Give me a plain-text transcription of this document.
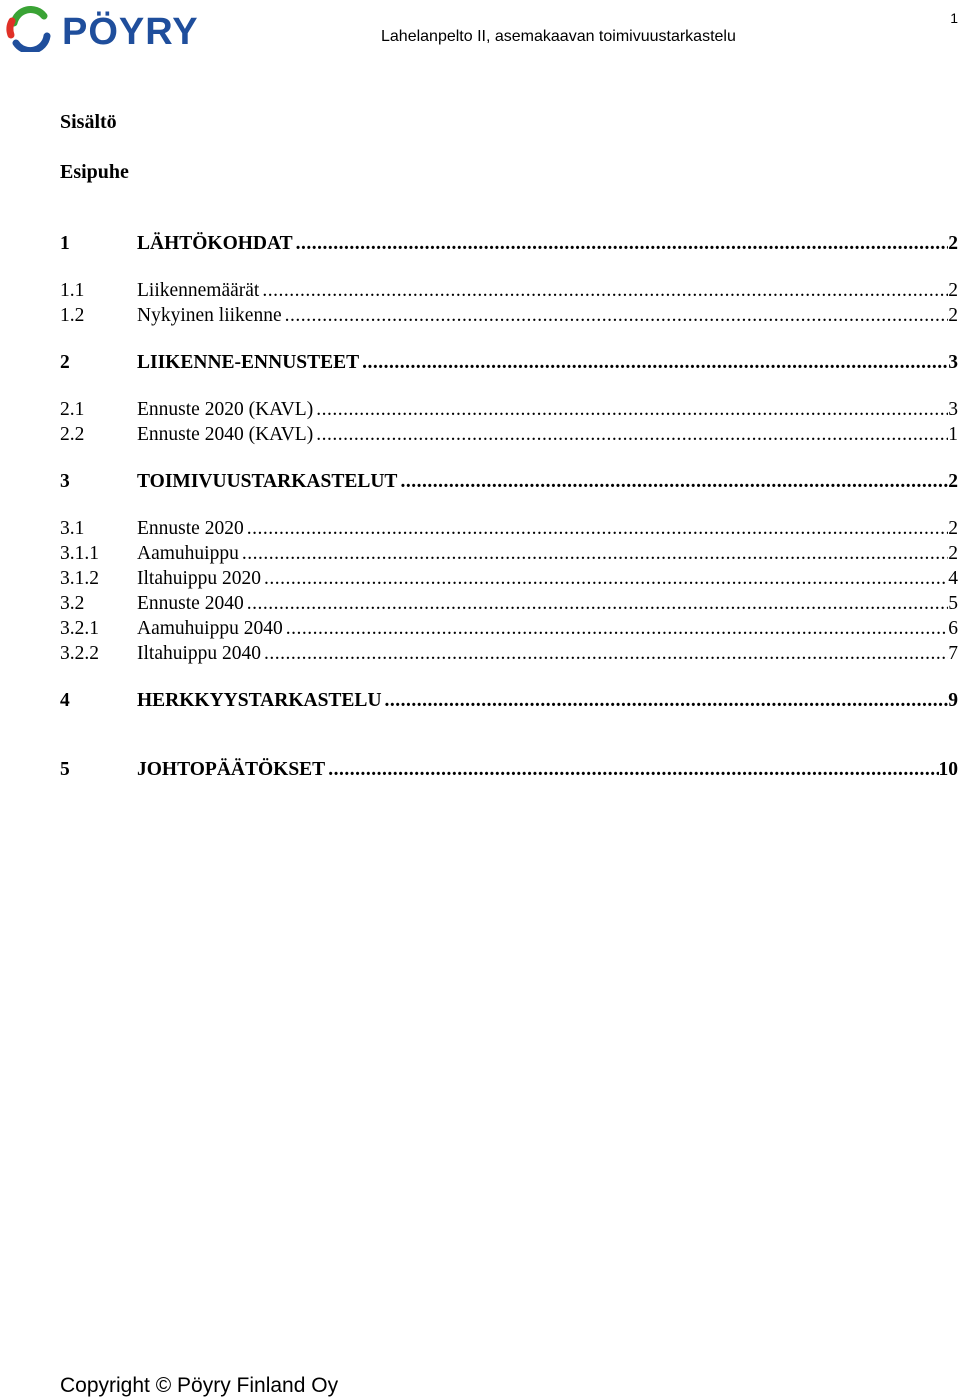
PÖYRY	Lahelanpelto II, asemakaavan toimivuustarkastelu
1
Sisältö
Esipuhe
1	LÄHTÖKOHDAT .....	2
1.1	Liikennemäärät .....	2
1.2	Nykyinen liikenne .....	2
2	LIIKENNE-ENNUSTEET .....	3
2.1	Ennuste 2020 (KAVL) .....	3
2.2	Ennuste 2040 (KAVL) .....	1
3	TOIMIVUUSTARKASTELUT .....	2
3.1	Ennuste 2020 .....	2
3.1.1	Aamuhuippu .....	2
3.1.2	Iltahuippu 2020 .....	4
3.2	Ennuste 2040 .....	5
3.2.1	Aamuhuippu 2040 .....	6
3.2.2	Iltahuippu 2040 .....	7
4	HERKKYYSTARKASTELU .....	9
5	JOHTOPÄÄTÖKSET .....	10
Copyright © Pöyry Finland Oy
